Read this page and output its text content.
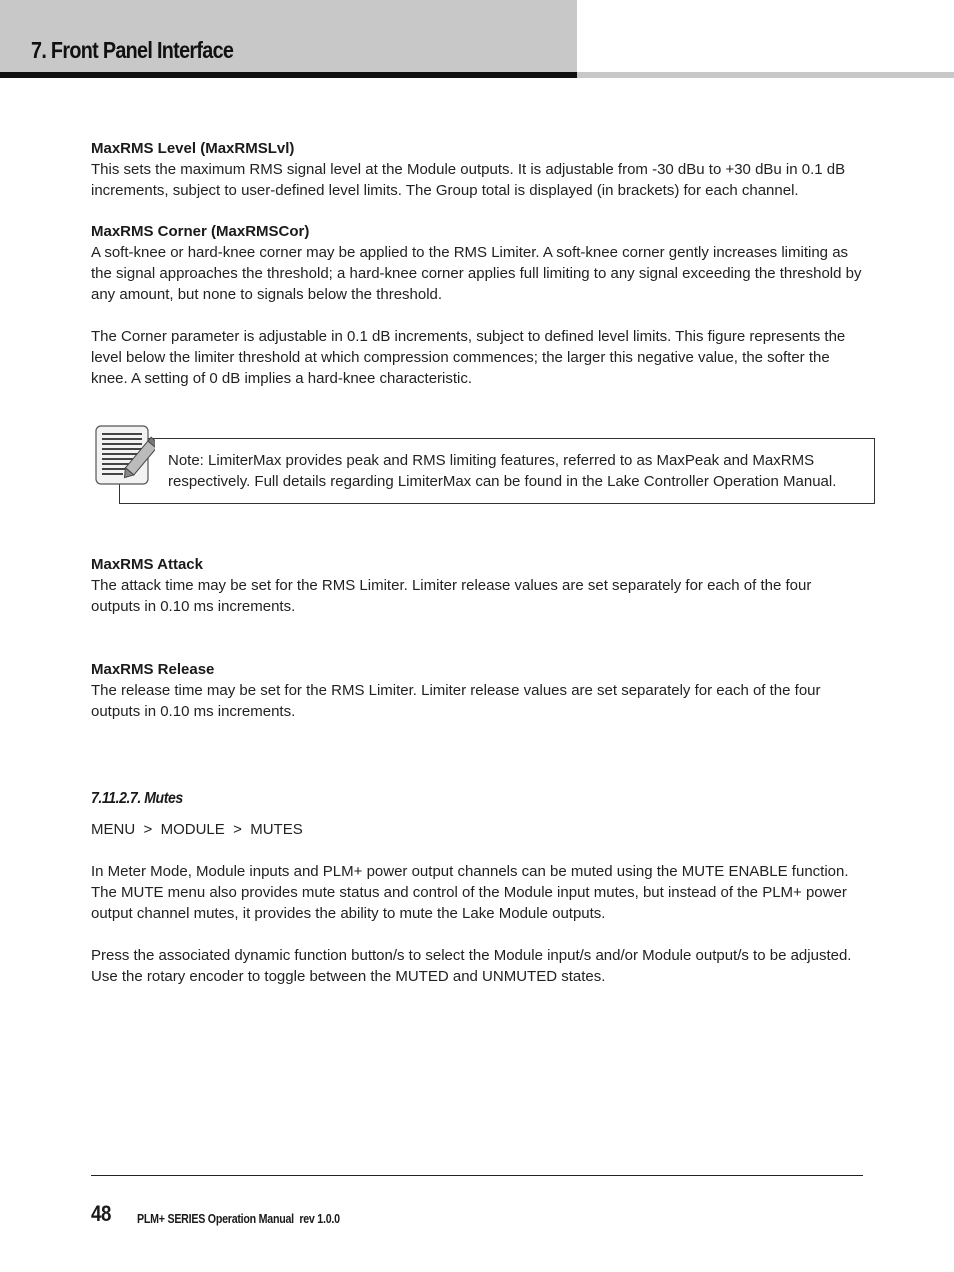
7. Front Panel Interface

MaxRMS Level (MaxRMSLvl)

This sets the maximum RMS signal level at the Module outputs. It is adjustable from -30 dBu to +30 dBu in 0.1 dB increments, subject to user-defined level limits. The Group total is displayed (in brackets) for each channel.

MaxRMS Corner (MaxRMSCor)

A soft-knee or hard-knee corner may be applied to the RMS Limiter. A soft-knee corner gently increases limiting as the signal approaches the threshold; a hard-knee corner applies full limiting to any signal exceeding the threshold by any amount, but none to signals below the threshold.

The Corner parameter is adjustable in 0.1 dB increments, subject to defined level limits. This figure represents the level below the limiter threshold at which compression commences; the larger this negative value, the softer the knee. A setting of 0 dB implies a hard-knee characteristic.

Note: LimiterMax provides peak and RMS limiting features, referred to as MaxPeak and MaxRMS respectively. Full details regarding LimiterMax can be found in the Lake Controller Operation Manual.

MaxRMS Attack

The attack time may be set for the RMS Limiter. Limiter release values are set separately for each of the four outputs in 0.10 ms increments.

MaxRMS Release

The release time may be set for the RMS Limiter. Limiter release values are set separately for each of the four outputs in 0.10 ms increments.

7.11.2.7. Mutes

MENU  >  MODULE  >  MUTES

In Meter Mode, Module inputs and PLM+ power output channels can be muted using the MUTE ENABLE function. The MUTE menu also provides mute status and control of the Module input mutes, but instead of the PLM+ power output channel mutes, it provides the ability to mute the Lake Module outputs.

Press the associated dynamic function button/s to select the Module input/s and/or Module output/s to be adjusted. Use the rotary encoder to toggle between the MUTED and UNMUTED states.

48 PLM+ SERIES Operation Manual  rev 1.0.0
